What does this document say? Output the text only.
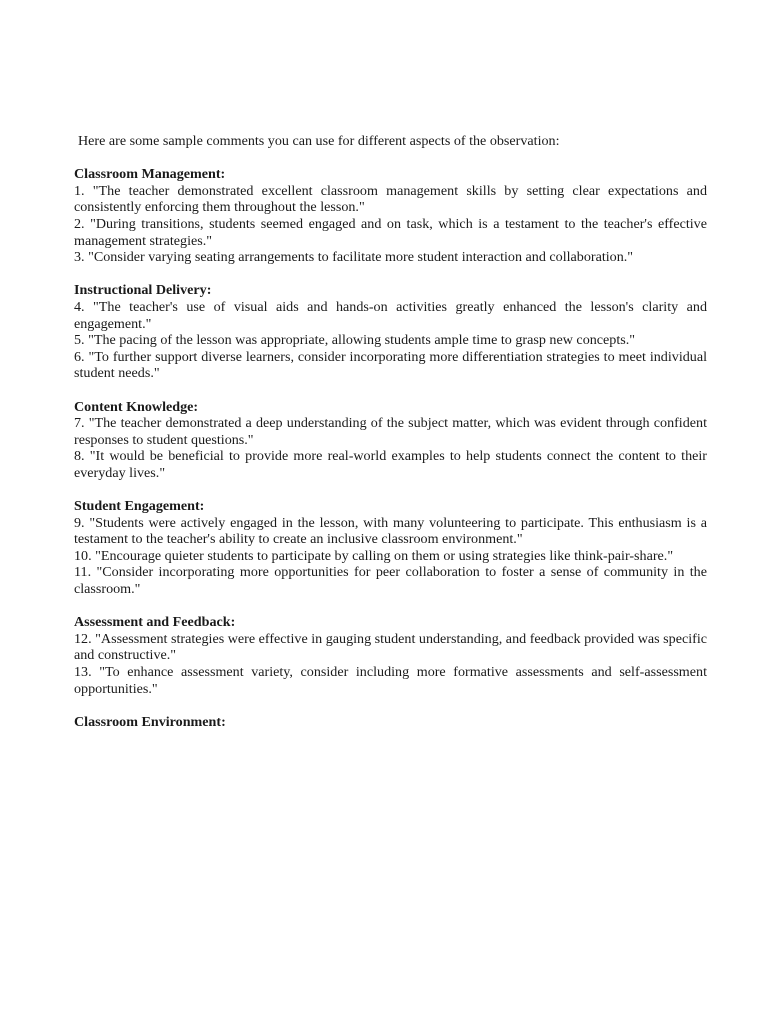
Here are some sample comments you can use for different aspects of the observation:

Classroom Management:

1. "The teacher demonstrated excellent classroom management skills by setting clear expectations and consistently enforcing them throughout the lesson."

2. "During transitions, students seemed engaged and on task, which is a testament to the teacher's effective management strategies."

3. "Consider varying seating arrangements to facilitate more student interaction and collaboration."

Instructional Delivery:

4. "The teacher's use of visual aids and hands-on activities greatly enhanced the lesson's clarity and engagement."

5. "The pacing of the lesson was appropriate, allowing students ample time to grasp new concepts."

6. "To further support diverse learners, consider incorporating more differentiation strategies to meet individual student needs."

Content Knowledge:

7. "The teacher demonstrated a deep understanding of the subject matter, which was evident through confident responses to student questions."

8. "It would be beneficial to provide more real-world examples to help students connect the content to their everyday lives."

Student Engagement:

9. "Students were actively engaged in the lesson, with many volunteering to participate. This enthusiasm is a testament to the teacher's ability to create an inclusive classroom environment."

10. "Encourage quieter students to participate by calling on them or using strategies like think-pair-share."

11. "Consider incorporating more opportunities for peer collaboration to foster a sense of community in the classroom."

Assessment and Feedback:

12. "Assessment strategies were effective in gauging student understanding, and feedback provided was specific and constructive."

13. "To enhance assessment variety, consider including more formative assessments and self-assessment opportunities."

Classroom Environment:
